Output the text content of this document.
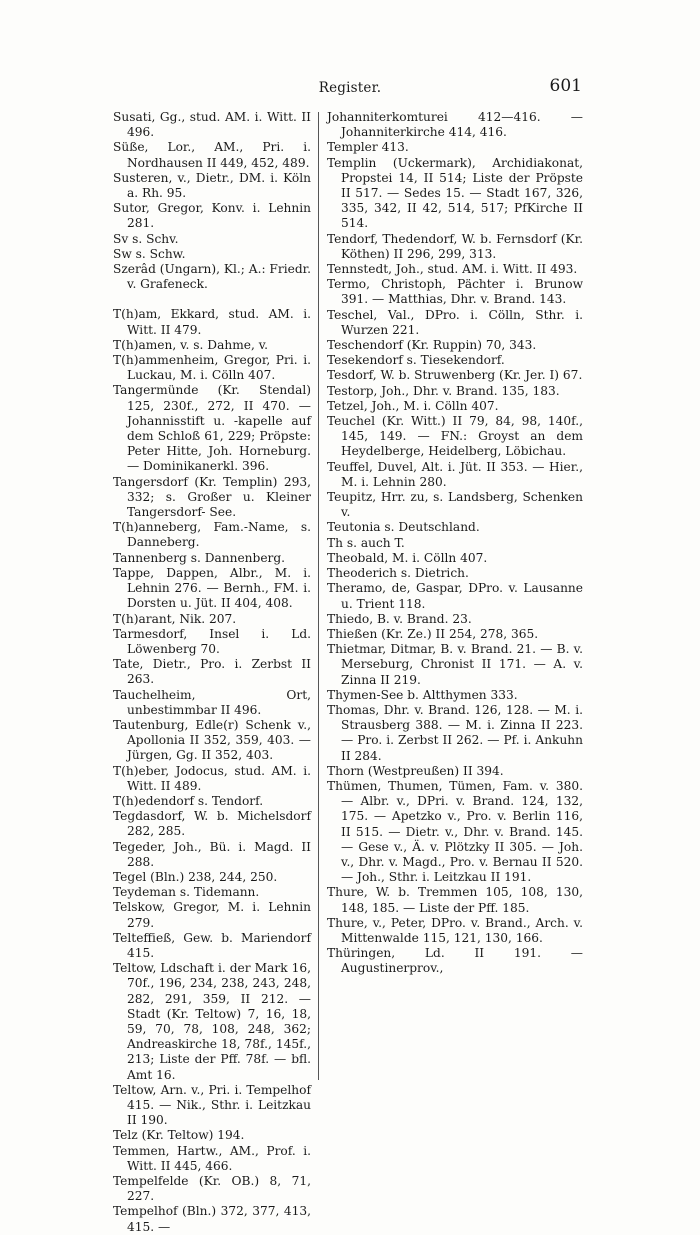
Register.	601

Susati, Gg., stud. AM. i. Witt. II 496.

Süße, Lor., AM., Pri. i. Nordhausen II 449, 452, 489.

Susteren, v., Dietr., DM. i. Köln a. Rh. 95.

Sutor, Gregor, Konv. i. Lehnin 281.

Sv s. Schv.

Sw s. Schw.

Szerâd (Ungarn), Kl.; A.: Friedr. v. Grafeneck.

T(h)am, Ekkard, stud. AM. i. Witt. II 479.

T(h)amen, v. s. Dahme, v.

T(h)ammenheim, Gregor, Pri. i. Luckau, M. i. Cölln 407.

Tangermünde (Kr. Stendal) 125, 230f., 272, II 470. — Johannisstift u. -kapelle auf dem Schloß 61, 229; Pröpste: Peter Hitte, Joh. Horneburg. — Dominikanerkl. 396.

Tangersdorf (Kr. Templin) 293, 332; s. Großer u. Kleiner Tangersdorf- See.

T(h)anneberg, Fam.-Name, s. Danneberg.

Tannenberg s. Dannenberg.

Tappe, Dappen, Albr., M. i. Lehnin 276. — Bernh., FM. i. Dorsten u. Jüt. II 404, 408.

T(h)arant, Nik. 207.

Tarmesdorf, Insel i. Ld. Löwenberg 70.

Tate, Dietr., Pro. i. Zerbst II 263.

Tauchelheim, Ort, unbestimmbar II 496.

Tautenburg, Edle(r) Schenk v., Apollonia II 352, 359, 403. — Jürgen, Gg. II 352, 403.

T(h)eber, Jodocus, stud. AM. i. Witt. II 489.

T(h)edendorf s. Tendorf.

Tegdasdorf, W. b. Michelsdorf 282, 285.

Tegeder, Joh., Bü. i. Magd. II 288.

Tegel (Bln.) 238, 244, 250.

Teydeman s. Tidemann.

Telskow, Gregor, M. i. Lehnin 279.

Telteffieß, Gew. b. Mariendorf 415.

Teltow, Ldschaft i. der Mark 16, 70f., 196, 234, 238, 243, 248, 282, 291, 359, II 212. — Stadt (Kr. Teltow) 7, 16, 18, 59, 70, 78, 108, 248, 362; Andreaskirche 18, 78f., 145f., 213; Liste der Pff. 78f. — bfl. Amt 16.

Teltow, Arn. v., Pri. i. Tempelhof 415. — Nik., Sthr. i. Leitzkau II 190.

Telz (Kr. Teltow) 194.

Temmen, Hartw., AM., Prof. i. Witt. II 445, 466.

Tempelfelde (Kr. OB.) 8, 71, 227.

Tempelhof (Bln.) 372, 377, 413, 415. —

Johanniterkomturei 412—416. — Johanniterkirche 414, 416.

Templer 413.

Templin (Uckermark), Archidiakonat, Propstei 14, II 514; Liste der Pröpste II 517. — Sedes 15. — Stadt 167, 326, 335, 342, II 42, 514, 517; PfKirche II 514.

Tendorf, Thedendorf, W. b. Fernsdorf (Kr. Köthen) II 296, 299, 313.

Tennstedt, Joh., stud. AM. i. Witt. II 493.

Termo, Christoph, Pächter i. Brunow 391. — Matthias, Dhr. v. Brand. 143.

Teschel, Val., DPro. i. Cölln, Sthr. i. Wurzen 221.

Teschendorf (Kr. Ruppin) 70, 343.

Tesekendorf s. Tiesekendorf.

Tesdorf, W. b. Struwenberg (Kr. Jer. I) 67.

Testorp, Joh., Dhr. v. Brand. 135, 183.

Tetzel, Joh., M. i. Cölln 407.

Teuchel (Kr. Witt.) II 79, 84, 98, 140f., 145, 149. — FN.: Groyst an dem Heydelberge, Heidelberg, Löbichau.

Teuffel, Duvel, Alt. i. Jüt. II 353. — Hier., M. i. Lehnin 280.

Teupitz, Hrr. zu, s. Landsberg, Schenken v.

Teutonia s. Deutschland.

Th s. auch T.

Theobald, M. i. Cölln 407.

Theoderich s. Dietrich.

Theramo, de, Gaspar, DPro. v. Lausanne u. Trient 118.

Thiedo, B. v. Brand. 23.

Thießen (Kr. Ze.) II 254, 278, 365.

Thietmar, Ditmar, B. v. Brand. 21. — B. v. Merseburg, Chronist II 171. — A. v. Zinna II 219.

Thymen-See b. Altthymen 333.

Thomas, Dhr. v. Brand. 126, 128. — M. i. Strausberg 388. — M. i. Zinna II 223. — Pro. i. Zerbst II 262. — Pf. i. Ankuhn II 284.

Thorn (Westpreußen) II 394.

Thümen, Thumen, Tümen, Fam. v. 380. — Albr. v., DPri. v. Brand. 124, 132, 175. — Apetzko v., Pro. v. Berlin 116, II 515. — Dietr. v., Dhr. v. Brand. 145. — Gese v., Ä. v. Plötzky II 305. — Joh. v., Dhr. v. Magd., Pro. v. Bernau II 520. — Joh., Sthr. i. Leitzkau II 191.

Thure, W. b. Tremmen 105, 108, 130, 148, 185. — Liste der Pff. 185.

Thure, v., Peter, DPro. v. Brand., Arch. v. Mittenwalde 115, 121, 130, 166.

Thüringen, Ld. II 191. — Augustinerprov.,
